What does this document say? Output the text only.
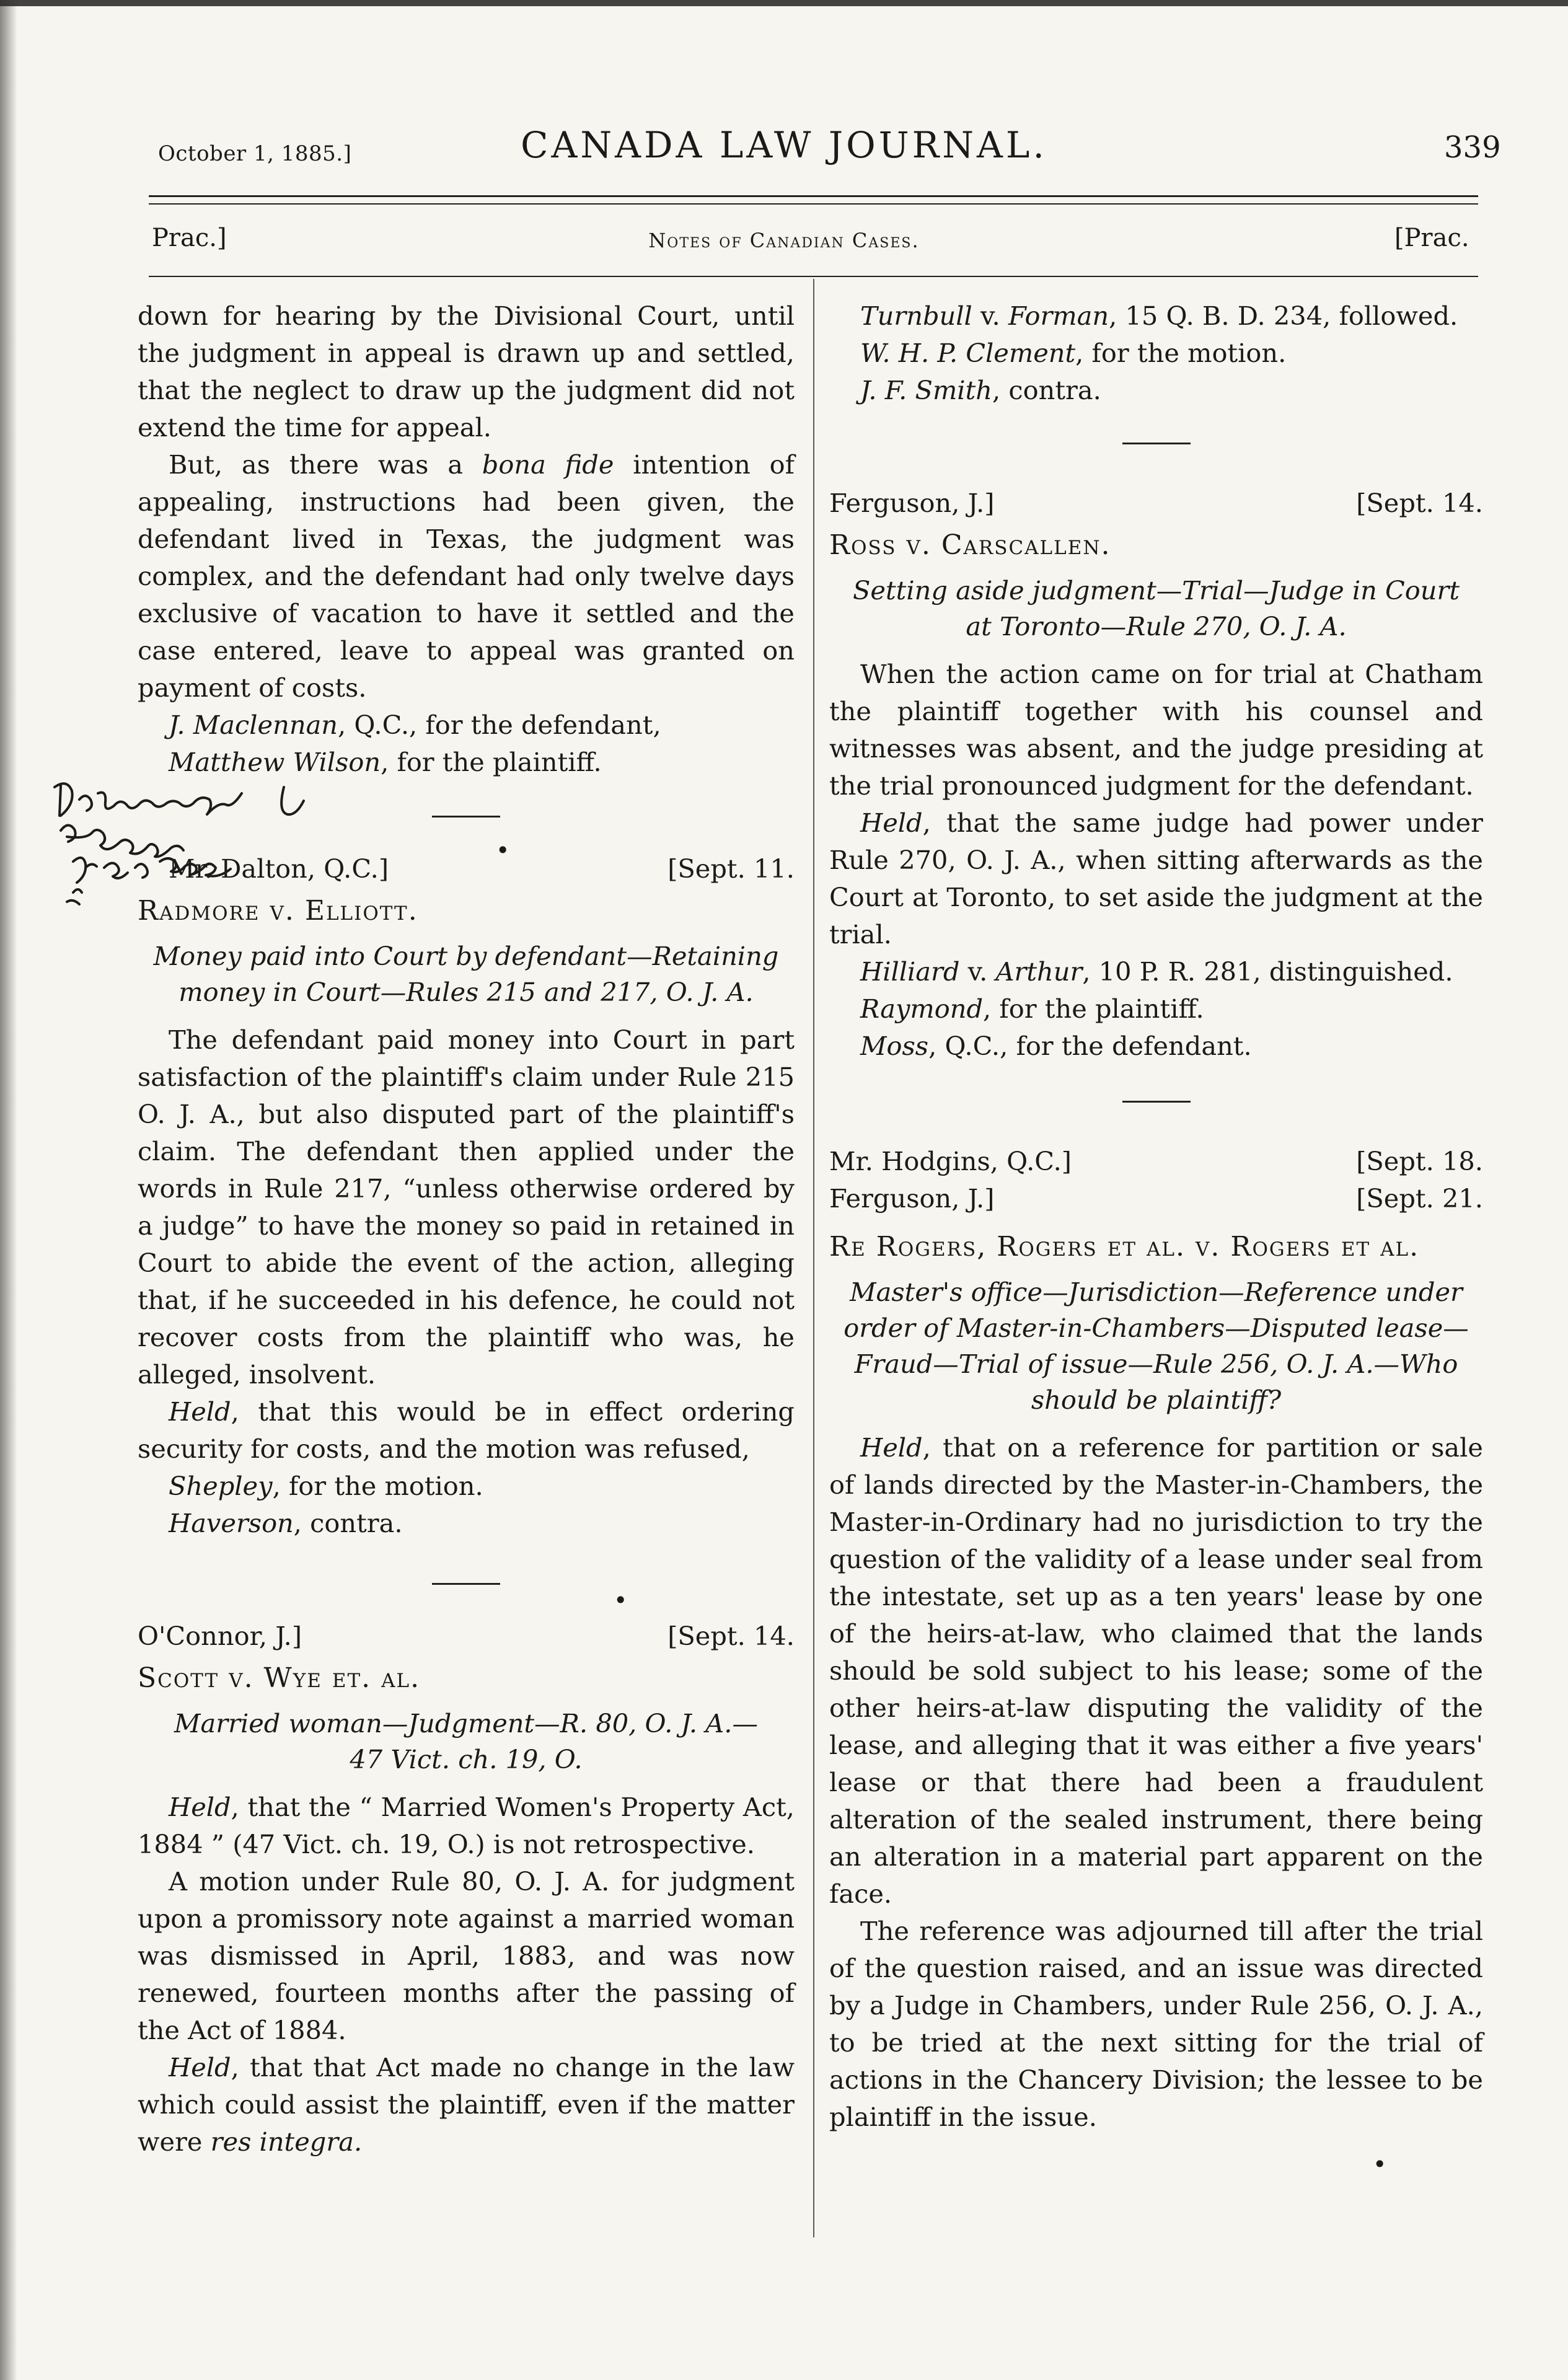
October 1, 1885.]	CANADA LAW JOURNAL.	339
Prac.]	Notes of Canadian Cases.	[Prac.

down for hearing by the Divisional Court, until the judgment in appeal is drawn up and settled, that the neglect to draw up the judgment did not extend the time for appeal.

But, as there was a bona fide intention of appealing, instructions had been given, the defendant lived in Texas, the judgment was complex, and the defendant had only twelve days exclusive of vacation to have it settled and the case entered, leave to appeal was granted on payment of costs.

J. Maclennan, Q.C., for the defendant,

Matthew Wilson, for the plaintiff.

Mr. Dalton, Q.C.]	[Sept. 11.

Radmore v. Elliott.

Money paid into Court by defendant—Retaining money in Court—Rules 215 and 217, O. J. A.

The defendant paid money into Court in part satisfaction of the plaintiff's claim under Rule 215 O. J. A., but also disputed part of the plaintiff's claim. The defendant then applied under the words in Rule 217, “unless otherwise ordered by a judge” to have the money so paid in retained in Court to abide the event of the action, alleging that, if he succeeded in his defence, he could not recover costs from the plaintiff who was, he alleged, insolvent.

Held, that this would be in effect ordering security for costs, and the motion was refused,

Shepley, for the motion.

Haverson, contra.

O'Connor, J.]	[Sept. 14.

Scott v. Wye et. al.

Married woman—Judgment—R. 80, O. J. A.—
47 Vict. ch. 19, O.

Held, that the “ Married Women's Property Act, 1884 ” (47 Vict. ch. 19, O.) is not retrospective.

A motion under Rule 80, O. J. A. for judgment upon a promissory note against a married woman was dismissed in April, 1883, and was now renewed, fourteen months after the passing of the Act of 1884.

Held, that that Act made no change in the law which could assist the plaintiff, even if the matter were res integra.

Turnbull v. Forman, 15 Q. B. D. 234, followed.

W. H. P. Clement, for the motion.

J. F. Smith, contra.

Ferguson, J.]	[Sept. 14.

Ross v. Carscallen.

Setting aside judgment—Trial—Judge in Court at Toronto—Rule 270, O. J. A.

When the action came on for trial at Chatham the plaintiff together with his counsel and witnesses was absent, and the judge presiding at the trial pronounced judgment for the defendant.

Held, that the same judge had power under Rule 270, O. J. A., when sitting afterwards as the Court at Toronto, to set aside the judgment at the trial.

Hilliard v. Arthur, 10 P. R. 281, distinguished.

Raymond, for the plaintiff.

Moss, Q.C., for the defendant.

Mr. Hodgins, Q.C.]	[Sept. 18.
Ferguson, J.]	[Sept. 21.

Re Rogers, Rogers et al. v. Rogers et al.

Master's office—Jurisdiction—Reference under order of Master-in-Chambers—Disputed lease—Fraud—Trial of issue—Rule 256, O. J. A.—Who should be plaintiff?

Held, that on a reference for partition or sale of lands directed by the Master-in-Chambers, the Master-in-Ordinary had no jurisdiction to try the question of the validity of a lease under seal from the intestate, set up as a ten years' lease by one of the heirs-at-law, who claimed that the lands should be sold subject to his lease; some of the other heirs-at-law disputing the validity of the lease, and alleging that it was either a five years' lease or that there had been a fraudulent alteration of the sealed instrument, there being an alteration in a material part apparent on the face.

The reference was adjourned till after the trial of the question raised, and an issue was directed by a Judge in Chambers, under Rule 256, O. J. A., to be tried at the next sitting for the trial of actions in the Chancery Division; the lessee to be plaintiff in the issue.

•
•
•
